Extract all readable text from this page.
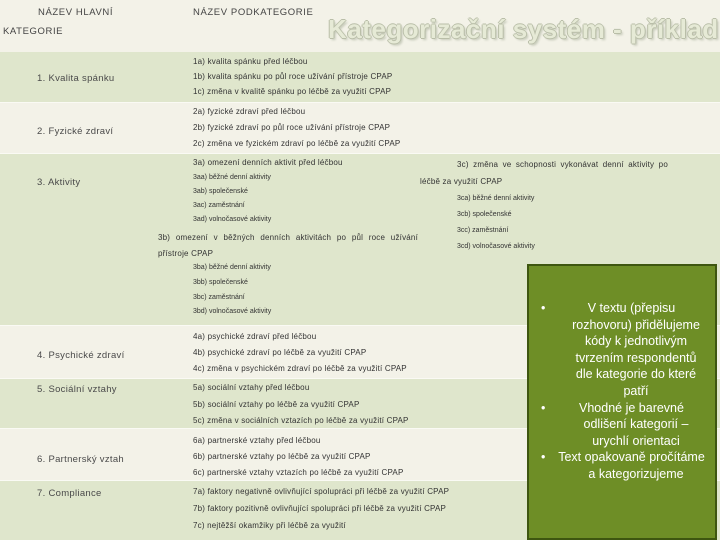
NÁZEV HLAVNÍ
KATEGORIE
NÁZEV PODKATEGORIE
Kategorizační systém - příklad
1. Kvalita spánku
1a) kvalita spánku před léčbou
1b) kvalita spánku po půl roce užívání přístroje CPAP
1c) změna v kvalitě spánku po léčbě za využití CPAP
2. Fyzické zdraví
2a) fyzické zdraví před léčbou
2b) fyzické zdraví po půl roce užívání přístroje CPAP
2c) změna ve fyzickém zdraví po léčbě za využití CPAP
3. Aktivity
3a) omezení denních aktivit před léčbou
3aa) běžné denní aktivity
3ab) společenské
3ac) zaměstnání
3ad) volnočasové aktivity
3b) omezení v běžných denních aktivitách po půl roce užívání přístroje CPAP
3ba) běžné denní aktivity
3bb) společenské
3bc) zaměstnání
3bd) volnočasové aktivity
3c) změna ve schopnosti vykonávat denní aktivity po
léčbě za využití CPAP
3ca) běžné denní aktivity
3cb) společenské
3cc) zaměstnání
3cd) volnočasové aktivity
4. Psychické zdraví
4a) psychické zdraví před léčbou
4b) psychické zdraví po léčbě za využití CPAP
4c) změna v psychickém zdraví po léčbě za využití CPAP
5. Sociální vztahy	5a) sociální vztahy před léčbou
5b) sociální vztahy po léčbě za využití CPAP
5c) změna v sociálních vztazích po léčbě za využití CPAP
6. Partnerský vztah
6a) partnerské vztahy před léčbou
6b) partnerské vztahy po léčbě za využití CPAP
6c) partnerské vztahy vztazích po léčbě za využití CPAP
7. Compliance	7a) faktory negativně ovlivňující spolupráci při léčbě za využití CPAP
7b) faktory pozitivně ovlivňující spolupráci při léčbě za využití CPAP
7c) nejtěžší okamžiky při léčbě za využití
•	V textu (přepisu rozhovoru) přidělujeme kódy k jednotlivým tvrzením respondentů dle kategorie do které patří
•	Vhodné je barevné odlišení kategorií – urychlí orientaci
• Text opakovaně pročítáme a kategorizujeme
